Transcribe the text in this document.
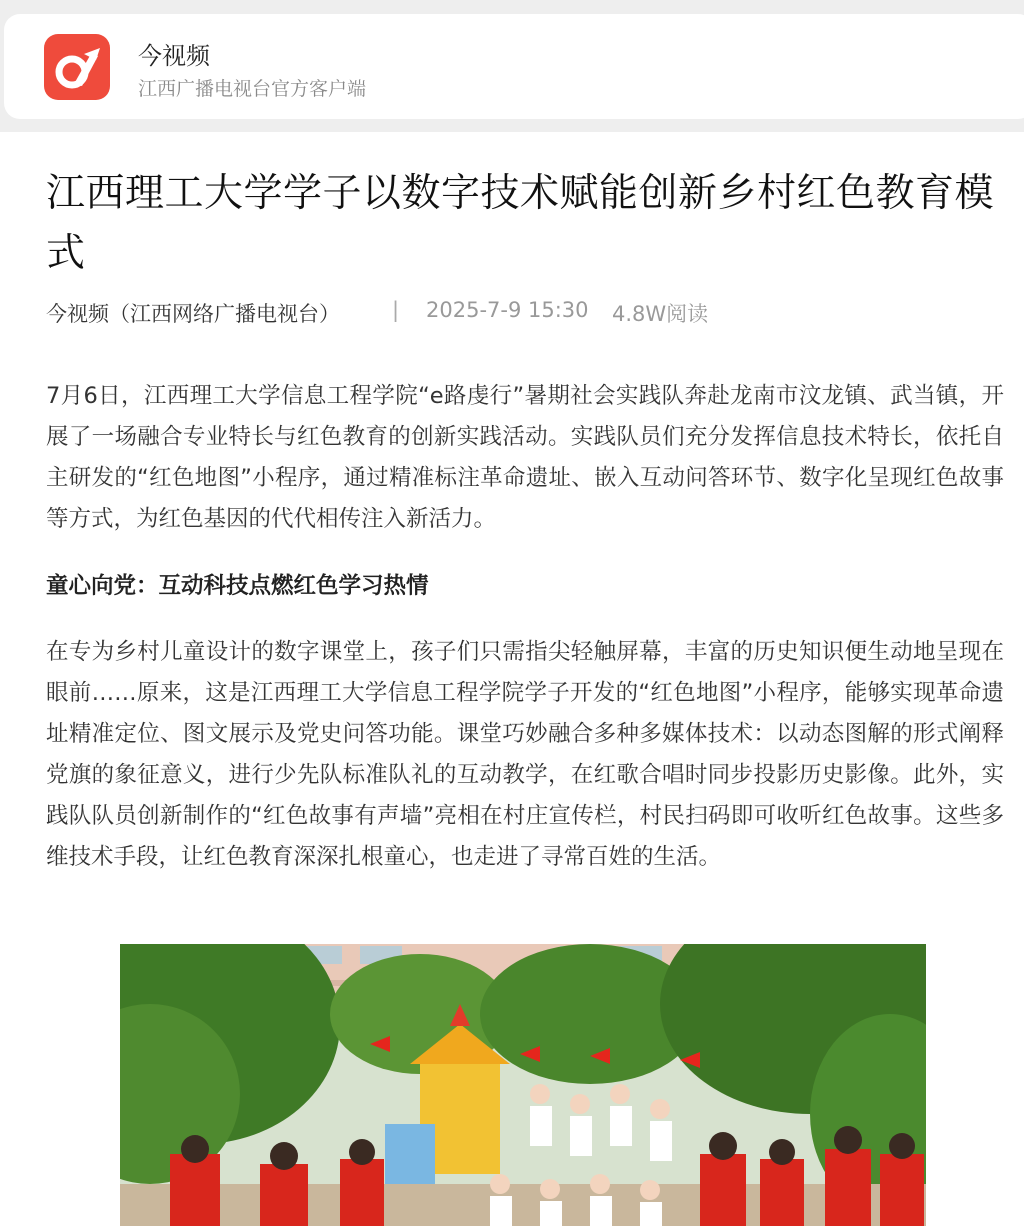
今视频
江西广播电视台官方客户端
江西理工大学学子以数字技术赋能创新乡村红色教育模式
今视频（江西网络广播电视台） | 2025-7-9 15:30 4.8W阅读

7月6日，江西理工大学信息工程学院“e路虔行”暑期社会实践队奔赴龙南市汶龙镇、武当镇，开展了一场融合专业特长与红色教育的创新实践活动。实践队员们充分发挥信息技术特长，依托自主研发的“红色地图”小程序，通过精准标注革命遗址、嵌入互动问答环节、数字化呈现红色故事等方式，为红色基因的代代相传注入新活力。

童心向党：互动科技点燃红色学习热情

在专为乡村儿童设计的数字课堂上，孩子们只需指尖轻触屏幕，丰富的历史知识便生动地呈现在眼前……原来，这是江西理工大学信息工程学院学子开发的“红色地图”小程序，能够实现革命遗址精准定位、图文展示及党史问答功能。课堂巧妙融合多种多媒体技术：以动态图解的形式阐释党旗的象征意义，进行少先队标准队礼的互动教学，在红歌合唱时同步投影历史影像。此外，实践队队员创新制作的“红色故事有声墙”亮相在村庄宣传栏，村民扫码即可收听红色故事。这些多维技术手段，让红色教育深深扎根童心，也走进了寻常百姓的生活。
